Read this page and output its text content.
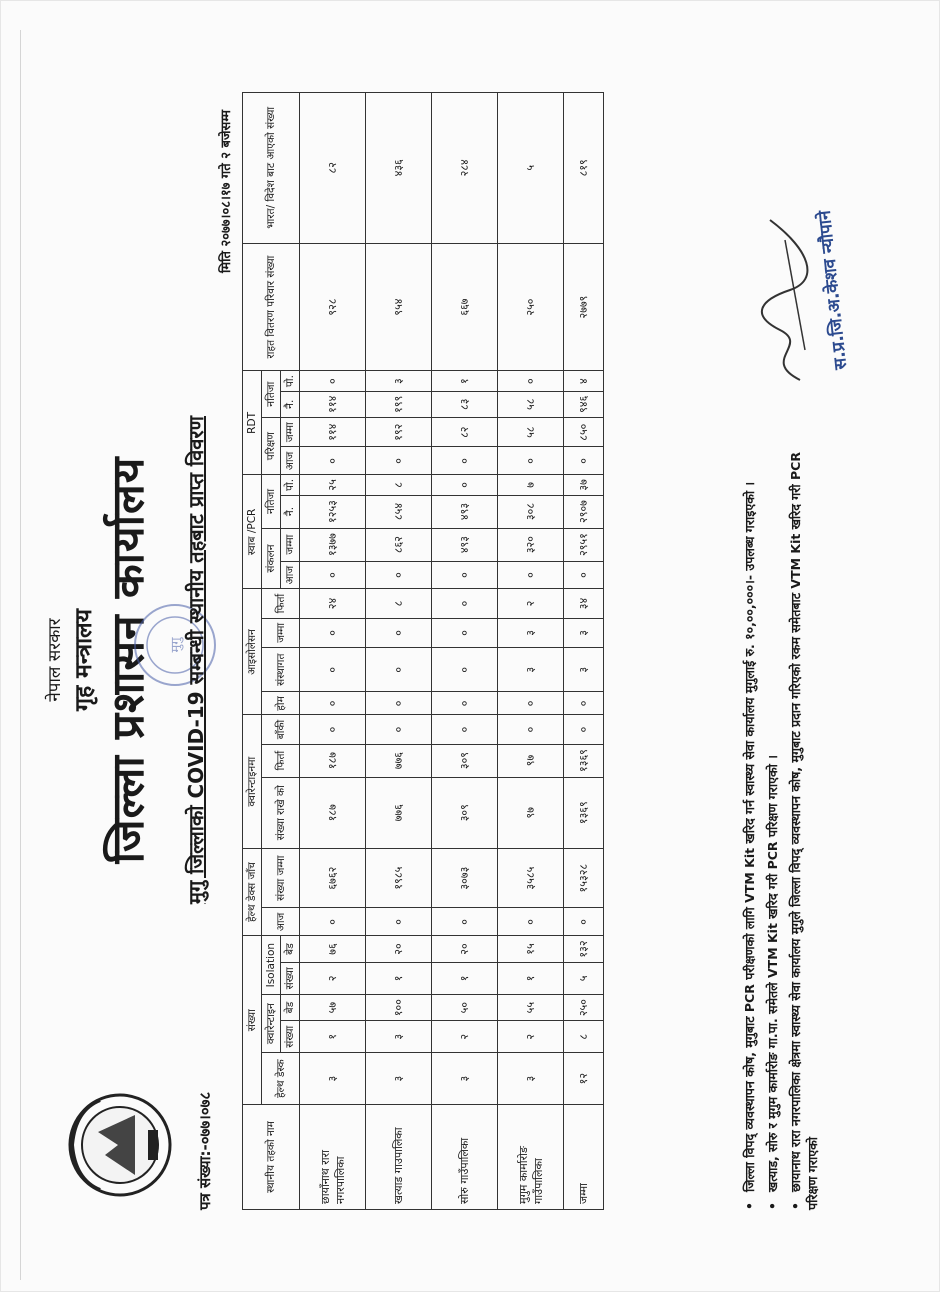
नेपाल सरकार गृह मन्त्रालय जिल्ला प्रशासन कार्यालय मुगु मुगु जिल्लाको COVID-19 सम्बन्धी स्थानीय तहबाट प्राप्त विवरण
पत्र संख्या:-०७७।०७८
मिति २०७७।०८।१७ गते २ बजेसम्म
स्थानीय तहको नाम	संख्या					हेल्थ डेक्स जाँच		क्वारेन्टाइनमा			आइसोलेसन				स्वाब /PCR				RDT				राहत वितरण परिवार संख्या	भारत/ विदेश बाट आएको संख्या
	हेल्थ डेस्क	क्वारेन्टाइन		Isolation		आज	संख्या जम्मा	संख्या राखे को	फिर्ता	बाँकी	होम	संस्थागत	जम्मा	फिर्ता	संकलन		नतिजा		परिक्षण		नतिजा			
		संख्या	बेड	संख्या	बेड										आज	जम्मा	नै.	पो.	आज	जम्मा	नै.	पो.		

छायाँनाथ रारा नगरपालिका	३	१	५७	२	७६	०	६७६२	१८७	१८७	०	०	०	०	२४	०	१३७७	१२५३	२५	०	११४	११४	०	९२८	८२
खत्याड गाउपालिका	३	३	१००	१	२०	०	१९८५	७७६	७७६	०	०	०	०	८	०	८६२	८५४	८	०	१९२	१९९	३	९५४	४३६
सोरु गाउँपालिका	३	२	५०	१	२०	०	३०७३	३०९	३०९	०	०	०	०	०	०	४९३	४९३	०	०	८२	८३	१	६६७	२८४
मुगुम कार्मारोङ गाउँपालिका	३	२	५५	१	१५	०	३५८५	९७	९७	०	०	३	३	२	०	३२०	३०८	७	०	५८	५८	०	२५०	५
जम्मा	१२	८	२५०	५	१३२	०	१५३२८	१३६९	१३६९	०	०	३	३	३४	०	२९५१	२९०७	३७	०	८५०	९४६	४	२७७९	८१९
• जिल्ला विपद् व्यवस्थापन कोष, मुगुबाट PCR परीक्षणको लागि VTM Kit खरिद गर्न स्वास्थ्य सेवा कार्यालय मुगुलाई रु. १०,००,०००।- उपलब्ध गराइएको । • खत्याड, सोरु र मुगुम कार्मारोङ गा.पा. समेतले VTM Kit खरिद गरी PCR परिक्षण गराएको । • छायानाथ रारा नगरपालिका क्षेत्रमा स्वास्थ्य सेवा कार्यालय मुगुले जिल्ला विपद् व्यवस्थापन कोष, मुगुबाट प्रदान गरिएको रकम समेतबाट VTM Kit खरिद गरी PCR परिक्षण गराएको
स.प्र.जि.अ.केशव न्याैपाने
